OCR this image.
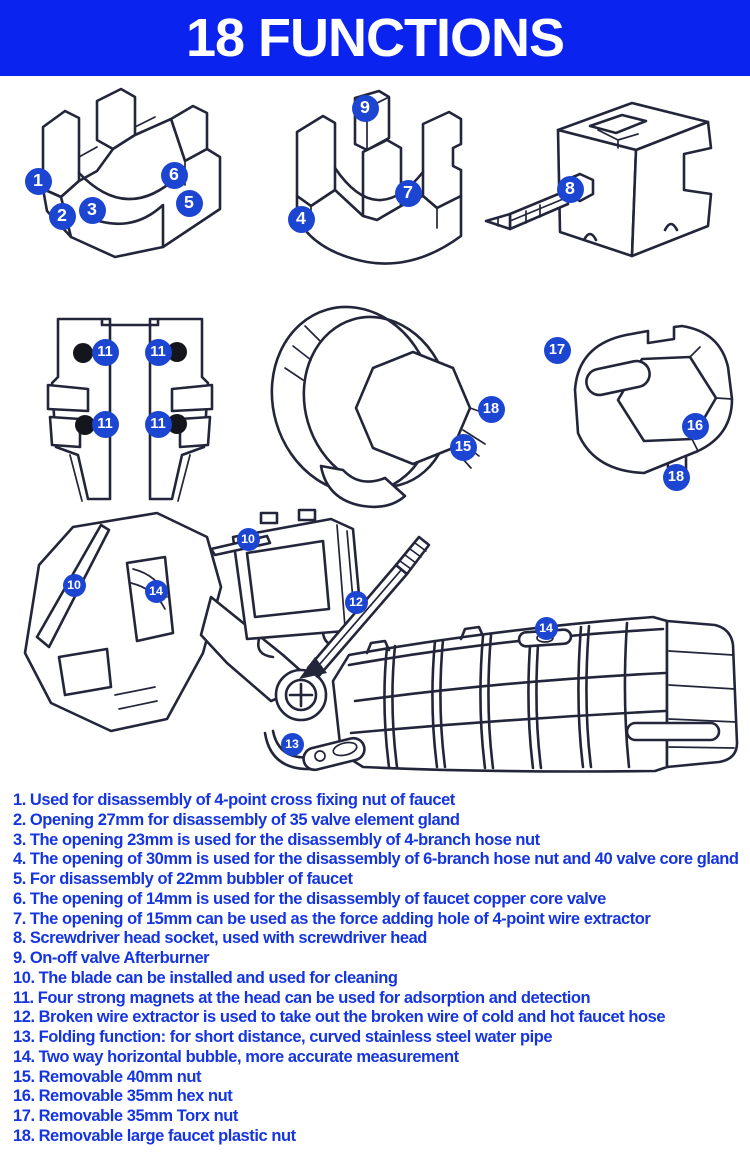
18 FUNCTIONS
1
2	3
6
5
9
7
4
8
11	11
11	11
18
15
17
16
18
10	14
10
12
13
14
1. Used for disassembly of 4-point cross fixing nut of faucet
2. Opening 27mm for disassembly of 35 valve element gland
3. The opening 23mm is used for the disassembly of 4-branch hose nut
4. The opening of 30mm is used for the disassembly of 6-branch hose nut and 40 valve core gland
5. For disassembly of 22mm bubbler of faucet
6. The opening of 14mm is used for the disassembly of faucet copper core valve
7. The opening of 15mm can be used as the force adding hole of 4-point wire extractor
8. Screwdriver head socket, used with screwdriver head
9. On-off valve Afterburner
10. The blade can be installed and used for cleaning
11. Four strong magnets at the head can be used for adsorption and detection
12. Broken wire extractor is used to take out the broken wire of cold and hot faucet hose
13. Folding function: for short distance, curved stainless steel water pipe
14. Two way horizontal bubble, more accurate measurement
15. Removable 40mm nut
16. Removable 35mm hex nut
17. Removable 35mm Torx nut
18. Removable large faucet plastic nut
